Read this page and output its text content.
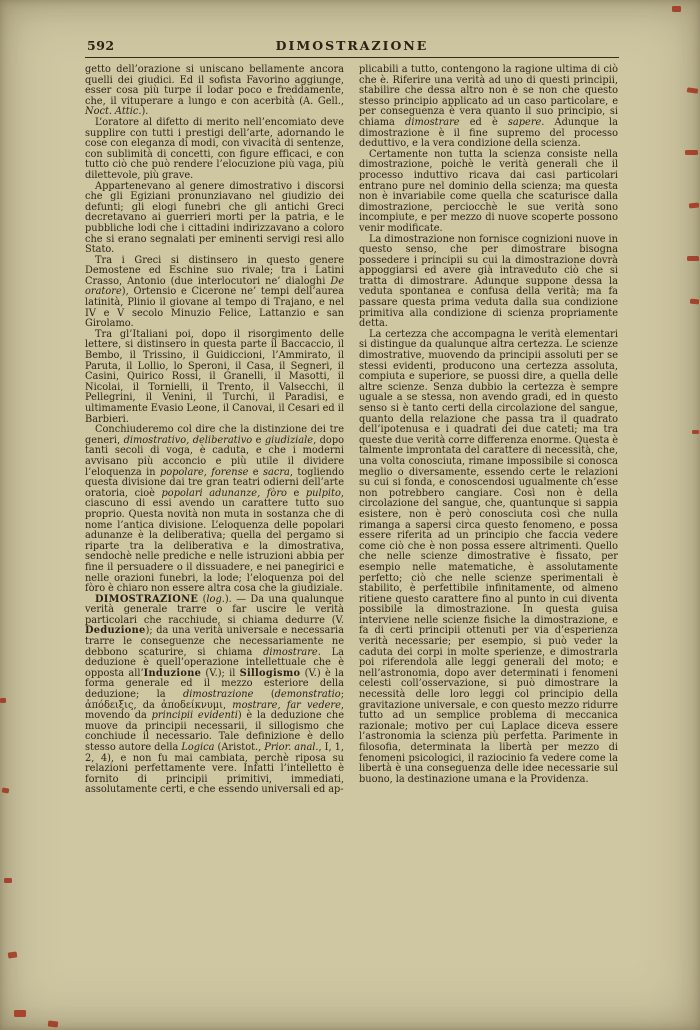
592	DIMOSTRAZIONE

getto dell’orazione si uniscano bellamente ancora quelli dei giudici. Ed il sofista Favorino aggiunge, esser cosa più turpe il lodar poco e freddamente, che, il vituperare a lungo e con acerbità (A. Gell., Noct. Attic.).

L’oratore al difetto di merito nell’encomiato deve supplire con tutti i prestigi dell’arte, adornando le cose con eleganza di modi, con vivacità di sentenze, con sublimità di concetti, con figure efficaci, e con tutto ciò che può rendere l’elocuzione più vaga, più dilettevole, più grave.

Appartenevano al genere dimostrativo i discorsi che gli Egiziani pronunziavano nel giudizio dei defunti; gli elogi funebri che gli antichi Greci decretavano ai guerrieri morti per la patria, e le pubbliche lodi che i cittadini indirizzavano a coloro che si erano segnalati per eminenti servigi resi allo Stato.

Tra i Greci si distinsero in questo genere Demostene ed Eschine suo rivale; tra i Latini Crasso, Antonio (due interlocutori ne’ dialoghi De oratore), Ortensio e Cicerone ne’ tempi dell’aurea latinità, Plinio il giovane al tempo di Trajano, e nel IV e V secolo Minuzio Felice, Lattanzio e san Girolamo.

Tra gl’Italiani poi, dopo il risorgimento delle lettere, si distinsero in questa parte il Baccaccio, il Bembo, il Trissino, il Guidiccioni, l’Ammirato, il Paruta, il Lollio, lo Speroni, il Casa, il Segneri, il Casini, Quirico Rossi, il Granelli, il Masotti, il Nicolai, il Tornielli, il Trento, il Valsecchi, il Pellegrini, il Venini, il Turchi, il Paradisi, e ultimamente Evasio Leone, il Canovai, il Cesari ed il Barbieri.

Conchiuderemo col dire che la distinzione dei tre generi, dimostrativo, deliberativo e giudiziale, dopo tanti secoli di voga, è caduta, e che i moderni avvisano più acconcio e più utile il dividere l’eloquenza in popolare, forense e sacra, togliendo questa divisione dai tre gran teatri odierni dell’arte oratoria, cioè popolari adunanze, fòro e pulpito, ciascuno di essi avendo un carattere tutto suo proprio. Questa novità non muta in sostanza che di nome l’antica divisione. L’eloquenza delle popolari adunanze è la deliberativa; quella del pergamo si riparte tra la deliberativa e la dimostrativa, sendochè nelle prediche e nelle istruzioni abbia per fine il persuadere o il dissuadere, e nei panegirici e nelle orazioni funebri, la lode; l’eloquenza poi del fòro è chiaro non essere altra cosa che la giudiziale.

DIMOSTRAZIONE (log.). — Da una qualunque verità generale trarre o far uscire le verità particolari che racchiude, si chiama dedurre (V. Deduzione); da una verità universale e necessaria trarre le conseguenze che necessariamente ne debbono scaturire, si chiama dimostrare. La deduzione è quell’operazione intellettuale che è opposta all’Induzione (V.); il Sillogismo (V.) è la forma generale ed il mezzo esteriore della deduzione; la dimostrazione (demonstratio; ἀπόδειξις, da ἀποδείκνυμι, mostrare, far vedere, movendo da principii evidenti) è la deduzione che muove da principii necessarii, il sillogismo che conchiude il necessario. Tale definizione è dello stesso autore della Logica (Aristot., Prior. anal., I, 1, 2, 4), e non fu mai cambiata, perchè riposa su relazioni perfettamente vere. Infatti l’intelletto è fornito di principii primitivi, immediati, assolutamente certi, e che essendo universali ed ap-

plicabili a tutto, contengono la ragione ultima di ciò che è. Riferire una verità ad uno di questi principii, stabilire che dessa altro non è se non che questo stesso principio applicato ad un caso particolare, e per conseguenza è vera quanto il suo principio, si chiama dimostrare ed è sapere. Adunque la dimostrazione è il fine supremo del processo deduttivo, e la vera condizione della scienza.

Certamente non tutta la scienza consiste nella dimostrazione, poichè le verità generali che il processo induttivo ricava dai casi particolari entrano pure nel dominio della scienza; ma questa non è invariabile come quella che scaturisce dalla dimostrazione, perciocchè le sue verità sono incompiute, e per mezzo di nuove scoperte possono venir modificate.

La dimostrazione non fornisce cognizioni nuove in questo senso, che per dimostrare bisogna possedere i principii su cui la dimostrazione dovrà appoggiarsi ed avere già intraveduto ciò che si tratta di dimostrare. Adunque suppone dessa la veduta spontanea e confusa della verità; ma fa passare questa prima veduta dalla sua condizione primitiva alla condizione di scienza propriamente detta.

La certezza che accompagna le verità elementari si distingue da qualunque altra certezza. Le scienze dimostrative, muovendo da principii assoluti per se stessi evidenti, producono una certezza assoluta, compiuta e superiore, se puossi dire, a quella delle altre scienze. Senza dubbio la certezza è sempre uguale a se stessa, non avendo gradi, ed in questo senso si è tanto certi della circolazione del sangue, quanto della relazione che passa tra il quadrato dell’ipotenusa e i quadrati dei due cateti; ma tra queste due verità corre differenza enorme. Questa è talmente improntata del carattere di necessità, che, una volta conosciuta, rimane impossibile si conosca meglio o diversamente, essendo certe le relazioni su cui si fonda, e conoscendosi ugualmente ch’esse non potrebbero cangiare. Così non è della circolazione del sangue, che, quantunque si sappia esistere, non è però conosciuta così che nulla rimanga a sapersi circa questo fenomeno, e possa essere riferita ad un principio che faccia vedere come ciò che è non possa essere altrimenti. Quello che nelle scienze dimostrative è fissato, per esempio nelle matematiche, è assolutamente perfetto; ciò che nelle scienze sperimentali è stabilito, è perfettibile infinitamente, od almeno ritiene questo carattere fino al punto in cui diventa possibile la dimostrazione. In questa guisa interviene nelle scienze fisiche la dimostrazione, e fa di certi principii ottenuti per via d’esperienza verità necessarie; per esempio, si può veder la caduta dei corpi in molte sperienze, e dimostrarla poi riferendola alle leggi generali del moto; e nell’astronomia, dopo aver determinati i fenomeni celesti coll’osservazione, si può dimostrare la necessità delle loro leggi col principio della gravitazione universale, e con questo mezzo ridurre tutto ad un semplice problema di meccanica razionale; motivo per cui Laplace diceva essere l’astronomia la scienza più perfetta. Parimente in filosofia, determinata la libertà per mezzo di fenomeni psicologici, il raziocinio fa vedere come la libertà è una conseguenza delle idee necessarie sul buono, la destinazione umana e la Providenza.
